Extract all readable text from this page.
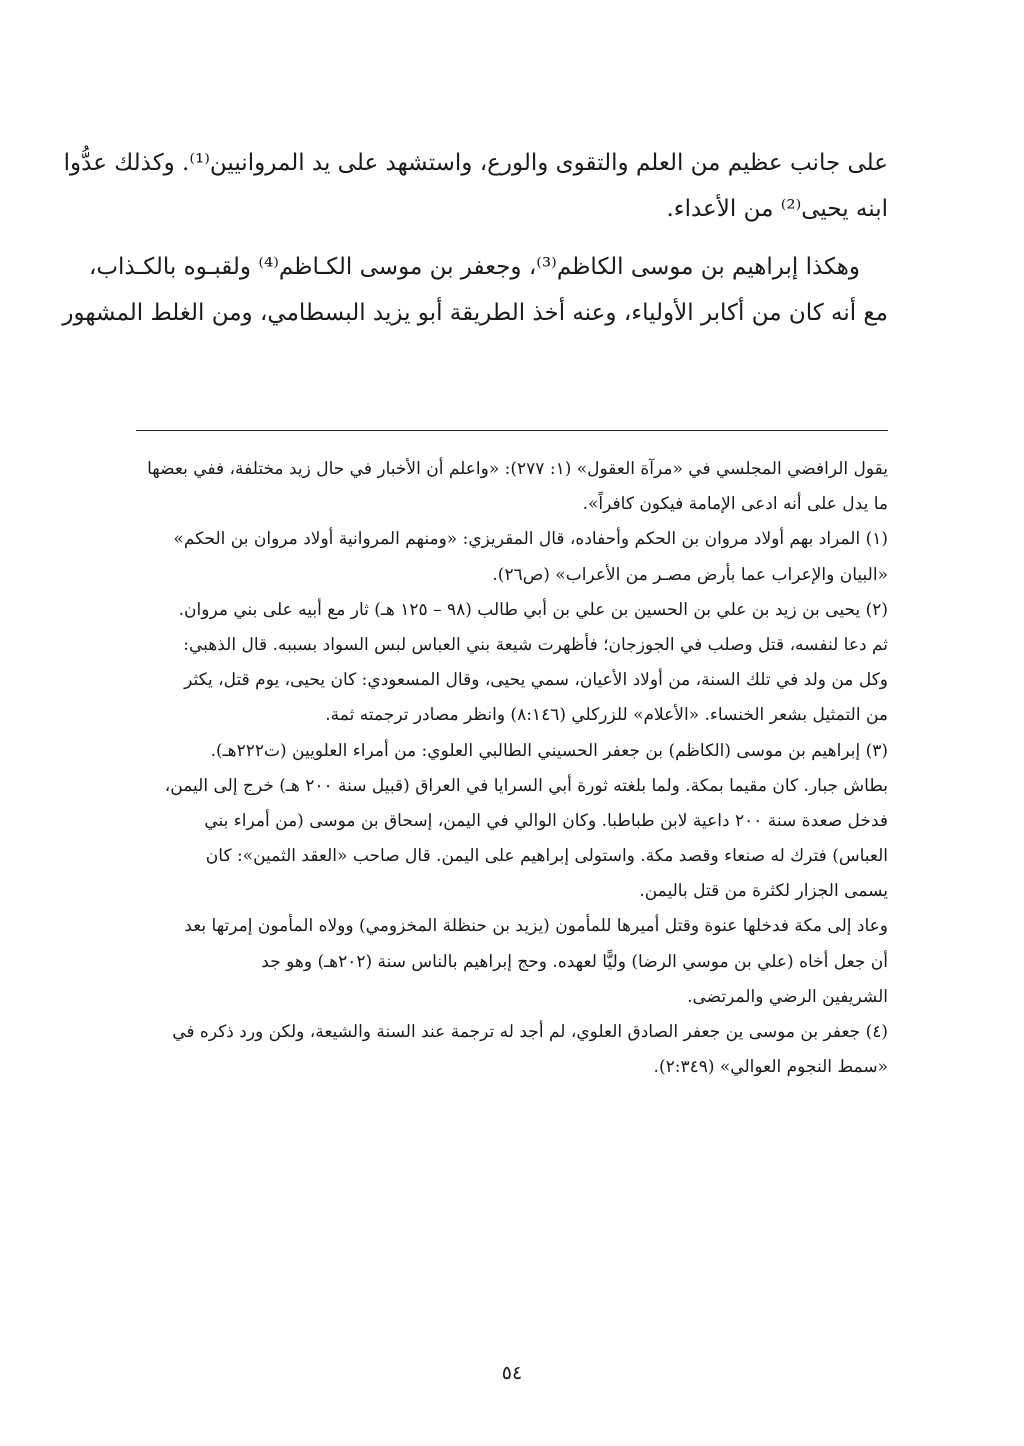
على جانب عظيم من العلم والتقوى والورع، واستشهد على يد المروانيين⁽¹⁾. وكذلك عدُّوا
ابنه يحيى⁽²⁾ من الأعداء.
وهكذا إبراهيم بن موسى الكاظم⁽³⁾، وجعفر بن موسى الكـاظم⁽⁴⁾ ولقبـوه بالكـذاب،
مع أنه كان من أكابر الأولياء، وعنه أخذ الطريقة أبو يزيد البسطامي، ومن الغلط المشهور
يقول الرافضي المجلسي في «مرآة العقول» (١: ٢٧٧): «واعلم أن الأخبار في حال زيد مختلفة، ففي بعضها
ما يدل على أنه ادعى الإمامة فيكون كافراً».
(١) المراد بهم أولاد مروان بن الحكم وأحفاده، قال المقريزي: «ومنهم المروانية أولاد مروان بن الحكم»
«البيان والإعراب عما بأرض مصـر من الأعراب» (ص٢٦).
(٢) يحيى بن زيد بن علي بن الحسين بن علي بن أبي طالب (٩٨ – ١٢٥ هـ) ثار مع أبيه على بني مروان.
ثم دعا لنفسه، قتل وصلب في الجوزجان؛ فأظهرت شيعة بني العباس لبس السواد بسببه. قال الذهبي:
وكل من ولد في تلك السنة، من أولاد الأعيان، سمي يحيى، وقال المسعودي: كان يحيى، يوم قتل، يكثر
من التمثيل بشعر الخنساء. «الأعلام» للزركلي (٨:١٤٦) وانظر مصادر ترجمته ثمة.
(٣) إبراهيم بن موسى (الكاظم) بن جعفر الحسيني الطالبي العلوي: من أمراء العلويين (ت٢٢٢هـ).
بطاش جبار. كان مقيما بمكة. ولما بلغته ثورة أبي السرايا في العراق (قبيل سنة ٢٠٠ هـ) خرج إلى اليمن،
فدخل صعدة سنة ٢٠٠ داعية لابن طباطبا. وكان الوالي في اليمن، إسحاق بن موسى (من أمراء بني
العباس) فترك له صنعاء وقصد مكة. واستولى إبراهيم على اليمن. قال صاحب «العقد الثمين»: كان
يسمى الجزار لكثرة من قتل باليمن.
وعاد إلى مكة فدخلها عنوة وقتل أميرها للمأمون (يزيد بن حنظلة المخزومي) وولاه المأمون إمرتها بعد
أن جعل أخاه (علي بن موسي الرضا) وليًّا لعهده. وحج إبراهيم بالناس سنة (٢٠٢هـ) وهو جد
الشريفين الرضي والمرتضى.
(٤) جعفر بن موسى ين جعفر الصادق العلوي، لم أجد له ترجمة عند السنة والشيعة، ولكن ورد ذكره في
«سمط النجوم العوالي» (٢:٣٤٩).
٥٤
